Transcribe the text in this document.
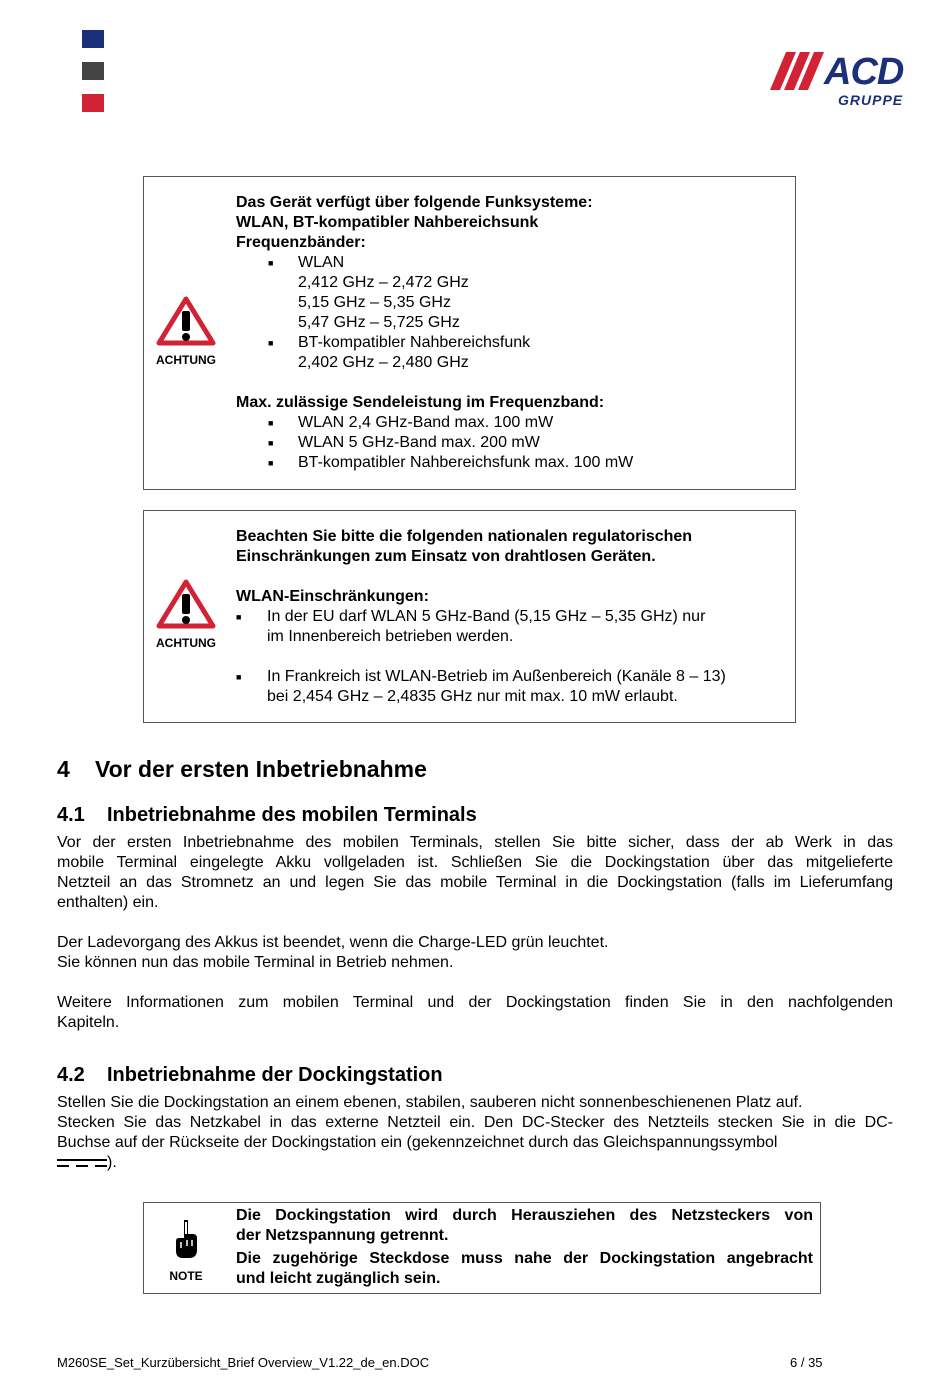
ACD
GRUPPE
ACHTUNG
Das Gerät verfügt über folgende Funksysteme:
WLAN, BT-kompatibler Nahbereichsunk
Frequenzbänder:
■ WLAN
2,412 GHz – 2,472 GHz
5,15 GHz – 5,35 GHz
5,47 GHz – 5,725 GHz
■ BT-kompatibler Nahbereichsfunk
2,402 GHz – 2,480 GHz
Max. zulässige Sendeleistung im Frequenzband:
■ WLAN 2,4 GHz-Band max. 100 mW
■ WLAN 5 GHz-Band max. 200 mW
■ BT-kompatibler Nahbereichsfunk max. 100 mW
ACHTUNG
Beachten Sie bitte die folgenden nationalen regulatorischen
Einschränkungen zum Einsatz von drahtlosen Geräten.
WLAN-Einschränkungen:
■ In der EU darf WLAN 5 GHz-Band (5,15 GHz – 5,35 GHz) nur
im Innenbereich betrieben werden.
■ In Frankreich ist WLAN-Betrieb im Außenbereich (Kanäle 8 – 13)
bei 2,454 GHz – 2,4835 GHz nur mit max. 10 mW erlaubt.
4 Vor der ersten Inbetriebnahme
4.1 Inbetriebnahme des mobilen Terminals
Vor der ersten Inbetriebnahme des mobilen Terminals, stellen Sie bitte sicher, dass der ab Werk in das
mobile Terminal eingelegte Akku vollgeladen ist. Schließen Sie die Dockingstation über das mitgelieferte
Netzteil an das Stromnetz an und legen Sie das mobile Terminal in die Dockingstation (falls im Lieferumfang
enthalten) ein.
Der Ladevorgang des Akkus ist beendet, wenn die Charge-LED grün leuchtet.
Sie können nun das mobile Terminal in Betrieb nehmen.
Weitere Informationen zum mobilen Terminal und der Dockingstation finden Sie in den nachfolgenden
Kapiteln.
4.2 Inbetriebnahme der Dockingstation
Stellen Sie die Dockingstation an einem ebenen, stabilen, sauberen nicht sonnenbeschienenen Platz auf.
Stecken Sie das Netzkabel in das externe Netzteil ein. Den DC-Stecker des Netzteils stecken Sie in die DC-
Buchse auf der Rückseite der Dockingstation ein (gekennzeichnet durch das Gleichspannungssymbol
).
NOTE
Die Dockingstation wird durch Herausziehen des Netzsteckers von
der Netzspannung getrennt.
Die zugehörige Steckdose muss nahe der Dockingstation angebracht
und leicht zugänglich sein.
M260SE_Set_Kurzübersicht_Brief Overview_V1.22_de_en.DOC	6 / 35
